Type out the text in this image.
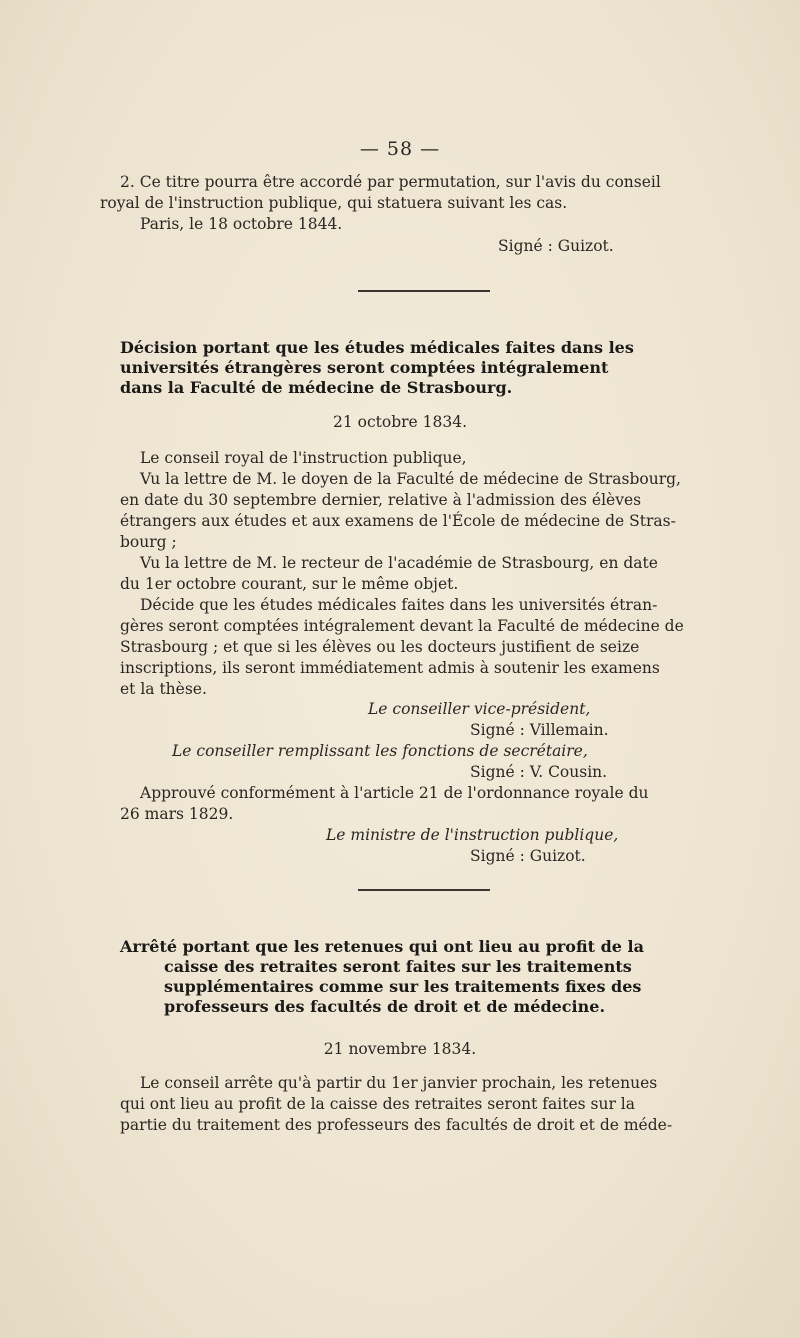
— 58 —
2. Ce titre pourra être accordé par permutation, sur l'avis du conseil
royal de l'instruction publique, qui statuera suivant les cas.
Paris, le 18 octobre 1844.
Signé : Guizot.
Décision portant que les études médicales faites dans les
universités étrangères seront comptées intégralement
dans la Faculté de médecine de Strasbourg.
21 octobre 1834.
Le conseil royal de l'instruction publique,
Vu la lettre de M. le doyen de la Faculté de médecine de Strasbourg,
en date du 30 septembre dernier, relative à l'admission des élèves
étrangers aux études et aux examens de l'École de médecine de Stras-
bourg ;
Vu la lettre de M. le recteur de l'académie de Strasbourg, en date
du 1er octobre courant, sur le même objet.
Décide que les études médicales faites dans les universités étran-
gères seront comptées intégralement devant la Faculté de médecine de
Strasbourg ; et que si les élèves ou les docteurs justifient de seize
inscriptions, ils seront immédiatement admis à soutenir les examens
et la thèse.
Le conseiller vice-président,
Signé : Villemain.
Le conseiller remplissant les fonctions de secrétaire,
Signé : V. Cousin.
Approuvé conformément à l'article 21 de l'ordonnance royale du
26 mars 1829.
Le ministre de l'instruction publique,
Signé : Guizot.
Arrêté portant que les retenues qui ont lieu au profit de la
caisse des retraites seront faites sur les traitements
supplémentaires comme sur les traitements fixes des
professeurs des facultés de droit et de médecine.
21 novembre 1834.
Le conseil arrête qu'à partir du 1er janvier prochain, les retenues
qui ont lieu au profit de la caisse des retraites seront faites sur la
partie du traitement des professeurs des facultés de droit et de méde-
